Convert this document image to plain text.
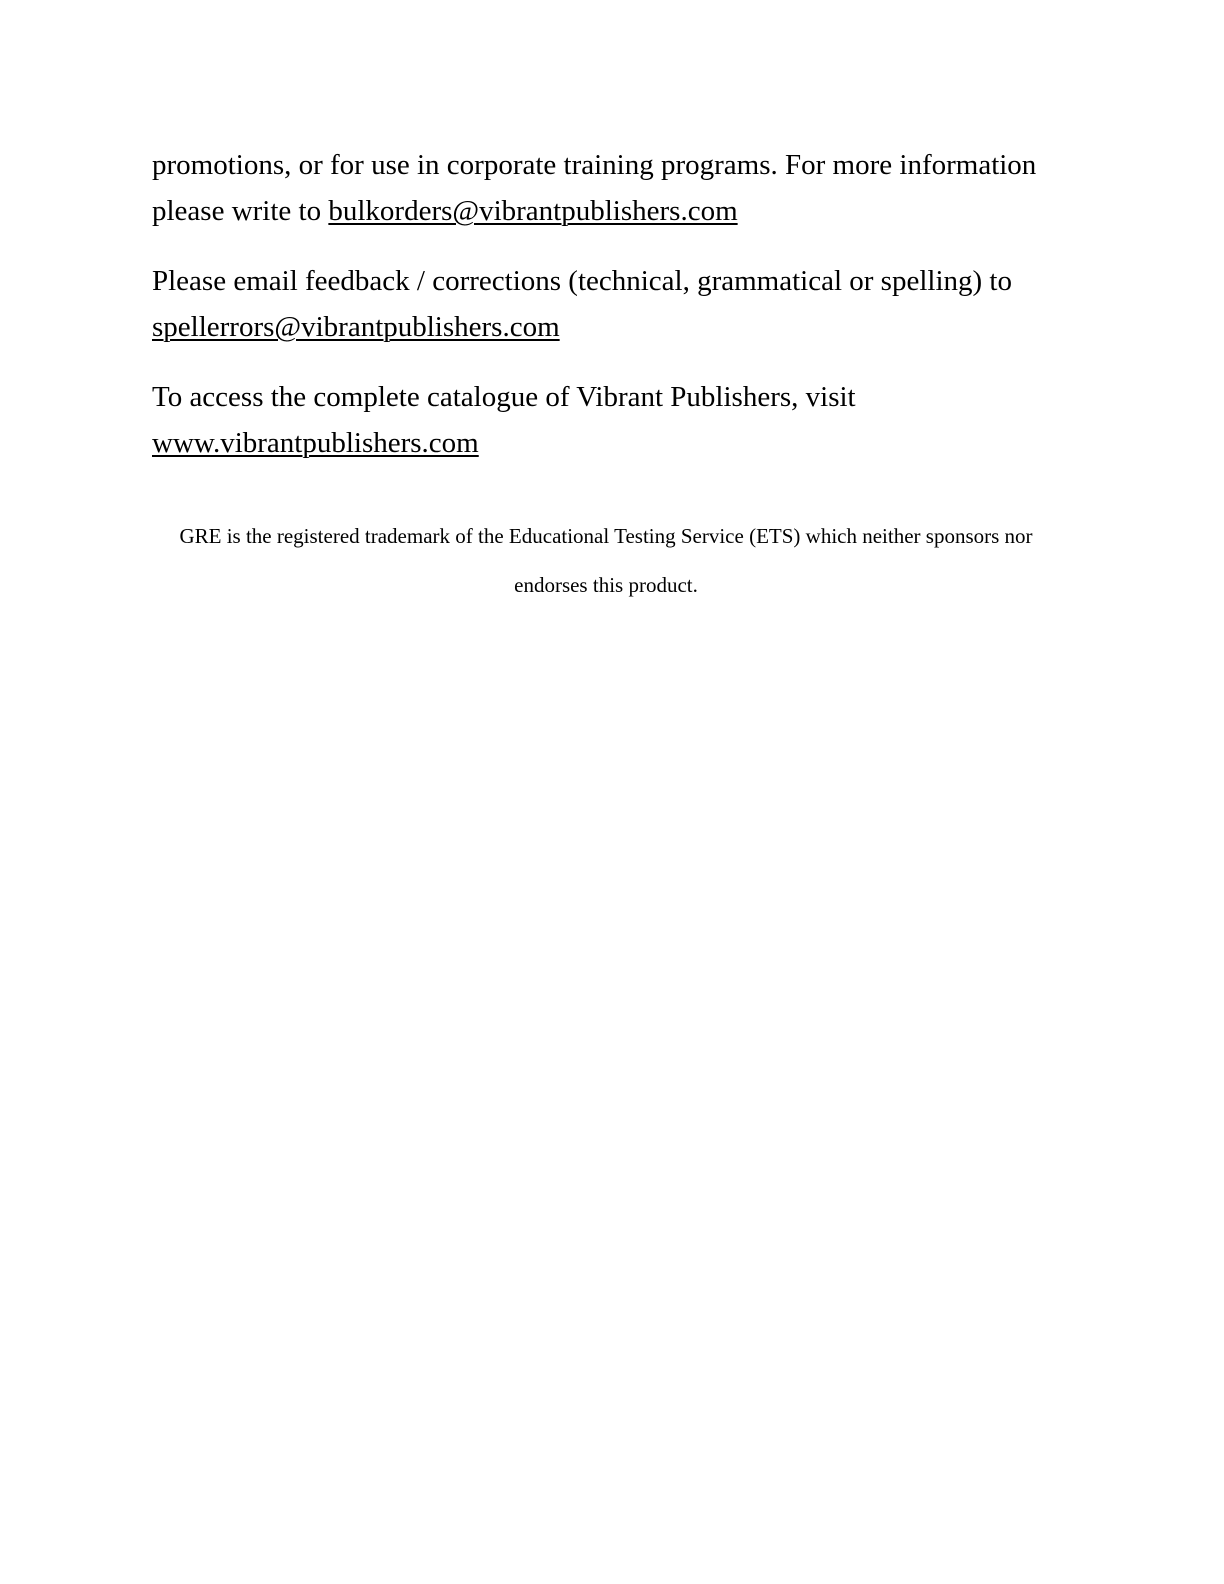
promotions, or for use in corporate training programs. For more information
please write to bulkorders@vibrantpublishers.com

Please email feedback / corrections (technical, grammatical or spelling) to
spellerrors@vibrantpublishers.com

To access the complete catalogue of Vibrant Publishers, visit
www.vibrantpublishers.com

GRE is the registered trademark of the Educational Testing Service (ETS) which neither sponsors nor
endorses this product.
